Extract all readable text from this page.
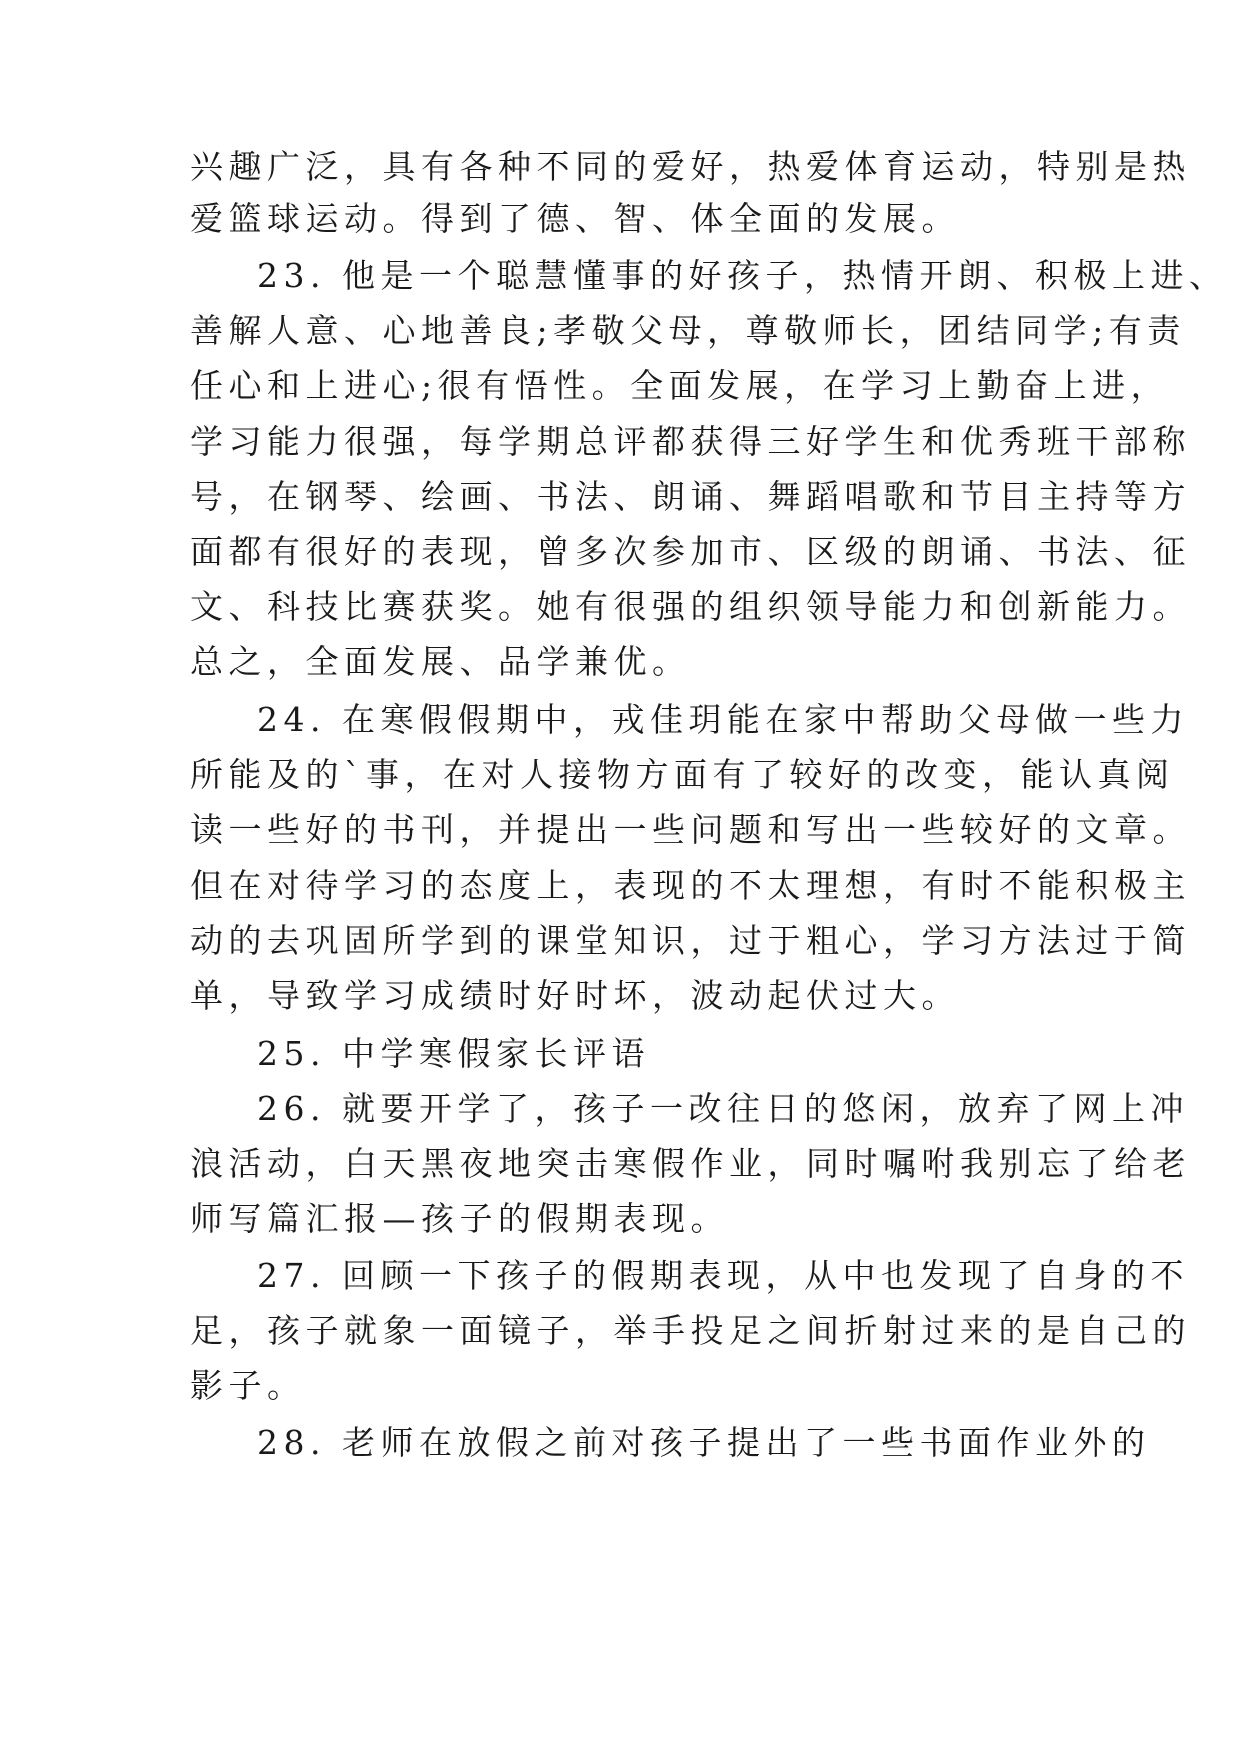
兴趣广泛，具有各种不同的爱好，热爱体育运动，特别是热
爱篮球运动。得到了德、智、体全面的发展。
23. 他是一个聪慧懂事的好孩子，热情开朗、积极上进、
善解人意、心地善良;孝敬父母，尊敬师长，团结同学;有责
任心和上进心;很有悟性。全面发展，在学习上勤奋上进，
学习能力很强，每学期总评都获得三好学生和优秀班干部称
号，在钢琴、绘画、书法、朗诵、舞蹈唱歌和节目主持等方
面都有很好的表现，曾多次参加市、区级的朗诵、书法、征
文、科技比赛获奖。她有很强的组织领导能力和创新能力。
总之，全面发展、品学兼优。
24. 在寒假假期中，戎佳玥能在家中帮助父母做一些力
所能及的`事，在对人接物方面有了较好的改变，能认真阅
读一些好的书刊，并提出一些问题和写出一些较好的文章。
但在对待学习的态度上，表现的不太理想，有时不能积极主
动的去巩固所学到的课堂知识，过于粗心，学习方法过于简
单，导致学习成绩时好时坏，波动起伏过大。
25. 中学寒假家长评语
26. 就要开学了，孩子一改往日的悠闲，放弃了网上冲
浪活动，白天黑夜地突击寒假作业，同时嘱咐我别忘了给老
师写篇汇报—孩子的假期表现。
27. 回顾一下孩子的假期表现，从中也发现了自身的不
足，孩子就象一面镜子，举手投足之间折射过来的是自己的
影子。
28. 老师在放假之前对孩子提出了一些书面作业外的
